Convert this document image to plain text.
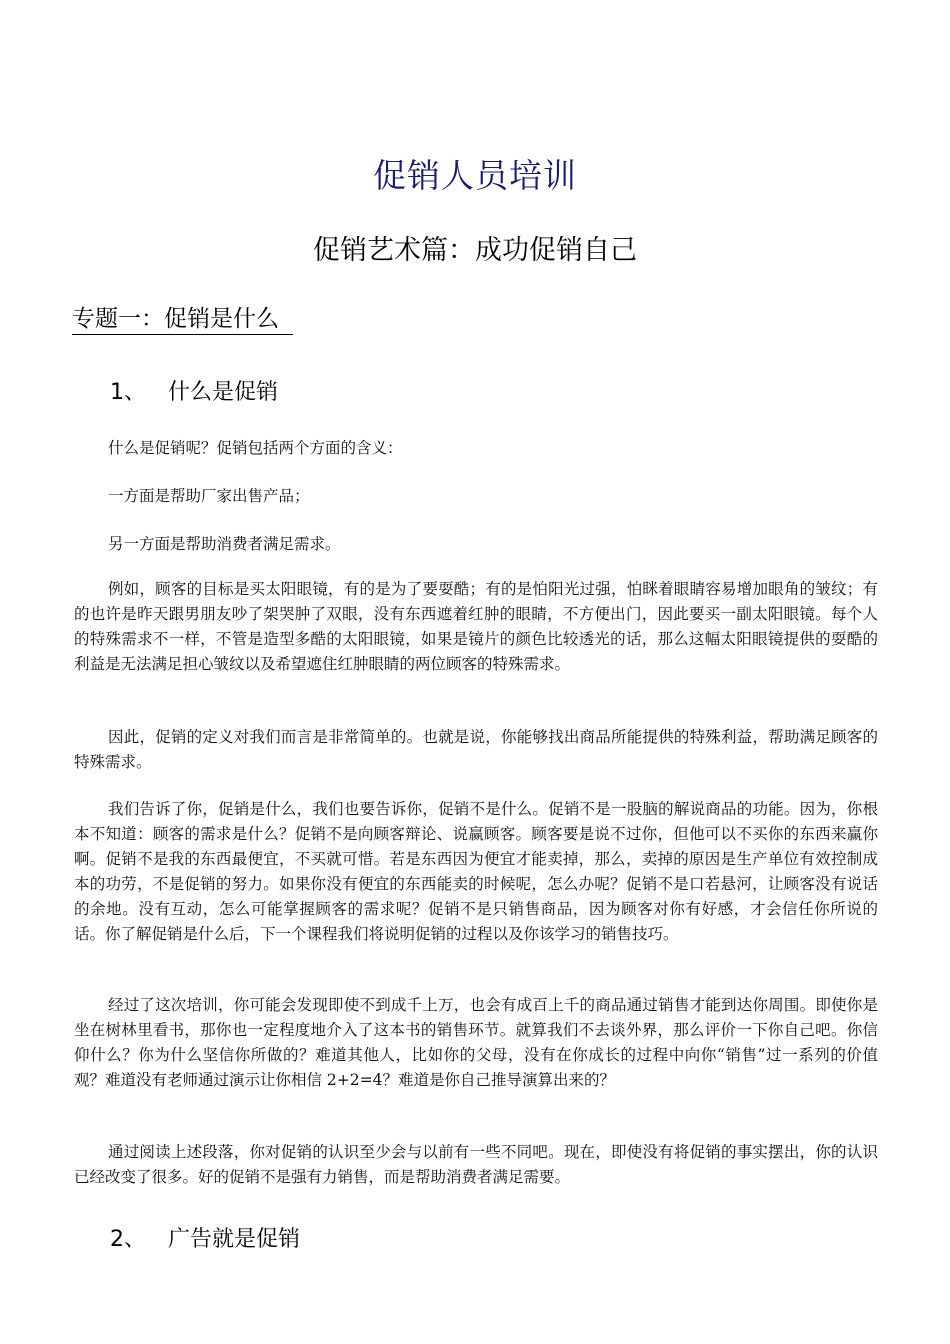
促销人员培训
促销艺术篇：成功促销自己
专题一：促销是什么
1、 什么是促销

什么是促销呢？促销包括两个方面的含义：

一方面是帮助厂家出售产品；

另一方面是帮助消费者满足需求。

例如，顾客的目标是买太阳眼镜，有的是为了要耍酷；有的是怕阳光过强，怕眯着眼睛容易增加眼角的皱纹；有的也许是昨天跟男朋友吵了架哭肿了双眼，没有东西遮着红肿的眼睛，不方便出门，因此要买一副太阳眼镜。每个人的特殊需求不一样，不管是造型多酷的太阳眼镜，如果是镜片的颜色比较透光的话，那么这幅太阳眼镜提供的耍酷的利益是无法满足担心皱纹以及希望遮住红肿眼睛的两位顾客的特殊需求。

因此，促销的定义对我们而言是非常简单的。也就是说，你能够找出商品所能提供的特殊利益，帮助满足顾客的特殊需求。

我们告诉了你，促销是什么，我们也要告诉你，促销不是什么。促销不是一股脑的解说商品的功能。因为，你根本不知道：顾客的需求是什么？促销不是向顾客辩论、说赢顾客。顾客要是说不过你，但他可以不买你的东西来赢你啊。促销不是我的东西最便宜，不买就可惜。若是东西因为便宜才能卖掉，那么，卖掉的原因是生产单位有效控制成本的功劳，不是促销的努力。如果你没有便宜的东西能卖的时候呢，怎么办呢？促销不是口若悬河，让顾客没有说话的余地。没有互动，怎么可能掌握顾客的需求呢？促销不是只销售商品，因为顾客对你有好感，才会信任你所说的话。你了解促销是什么后，下一个课程我们将说明促销的过程以及你该学习的销售技巧。

经过了这次培训，你可能会发现即使不到成千上万，也会有成百上千的商品通过销售才能到达你周围。即使你是坐在树林里看书，那你也一定程度地介入了这本书的销售环节。就算我们不去谈外界，那么评价一下你自己吧。你信仰什么？你为什么坚信你所做的？难道其他人，比如你的父母，没有在你成长的过程中向你“销售”过一系列的价值观？难道没有老师通过演示让你相信 2+2=4？难道是你自己推导演算出来的？

通过阅读上述段落，你对促销的认识至少会与以前有一些不同吧。现在，即使没有将促销的事实摆出，你的认识已经改变了很多。好的促销不是强有力销售，而是帮助消费者满足需要。

2、 广告就是促销
